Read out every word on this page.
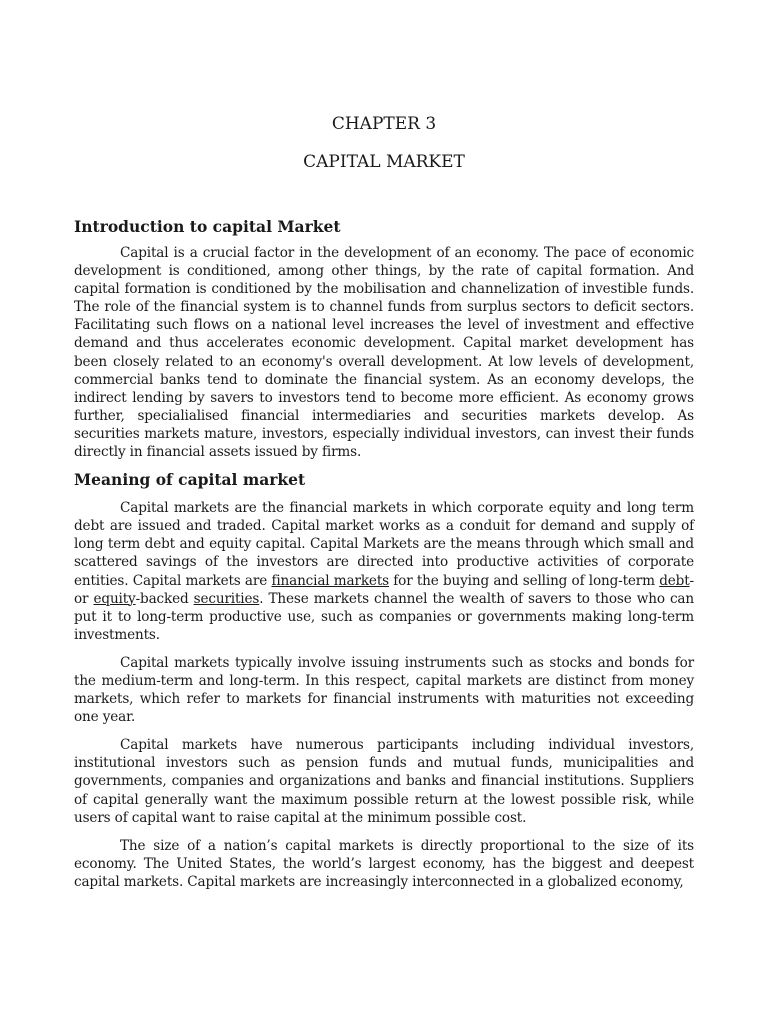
CHAPTER 3

CAPITAL MARKET

Introduction to capital Market

Capital is a crucial factor in the development of an economy. The pace of economic development is conditioned, among other things, by the rate of capital formation. And capital formation is conditioned by the mobilisation and channelization of investible funds. The role of the financial system is to channel funds from surplus sectors to deficit sectors. Facilitating such flows on a national level increases the level of investment and effective demand and thus accelerates economic development. Capital market development has been closely related to an economy's overall development. At low levels of development, commercial banks tend to dominate the financial system. As an economy develops, the indirect lending by savers to investors tend to become more efficient. As economy grows further, specialialised financial intermediaries and securities markets develop. As securities markets mature, investors, especially individual investors, can invest their funds directly in financial assets issued by firms.

Meaning of capital market

Capital markets are the financial markets in which corporate equity and long term debt are issued and traded. Capital market works as a conduit for demand and supply of long term debt and equity capital. Capital Markets are the means through which small and scattered savings of the investors are directed into productive activities of corporate entities. Capital markets are financial markets for the buying and selling of long-term debt- or equity-backed securities. These markets channel the wealth of savers to those who can put it to long-term productive use, such as companies or governments making long-term investments.

Capital markets typically involve issuing instruments such as stocks and bonds for the medium-term and long-term. In this respect, capital markets are distinct from money markets, which refer to markets for financial instruments with maturities not exceeding one year.

Capital markets have numerous participants including individual investors, institutional investors such as pension funds and mutual funds, municipalities and governments, companies and organizations and banks and financial institutions. Suppliers of capital generally want the maximum possible return at the lowest possible risk, while users of capital want to raise capital at the minimum possible cost.

The size of a nation’s capital markets is directly proportional to the size of its economy. The United States, the world’s largest economy, has the biggest and deepest capital markets. Capital markets are increasingly interconnected in a globalized economy,
